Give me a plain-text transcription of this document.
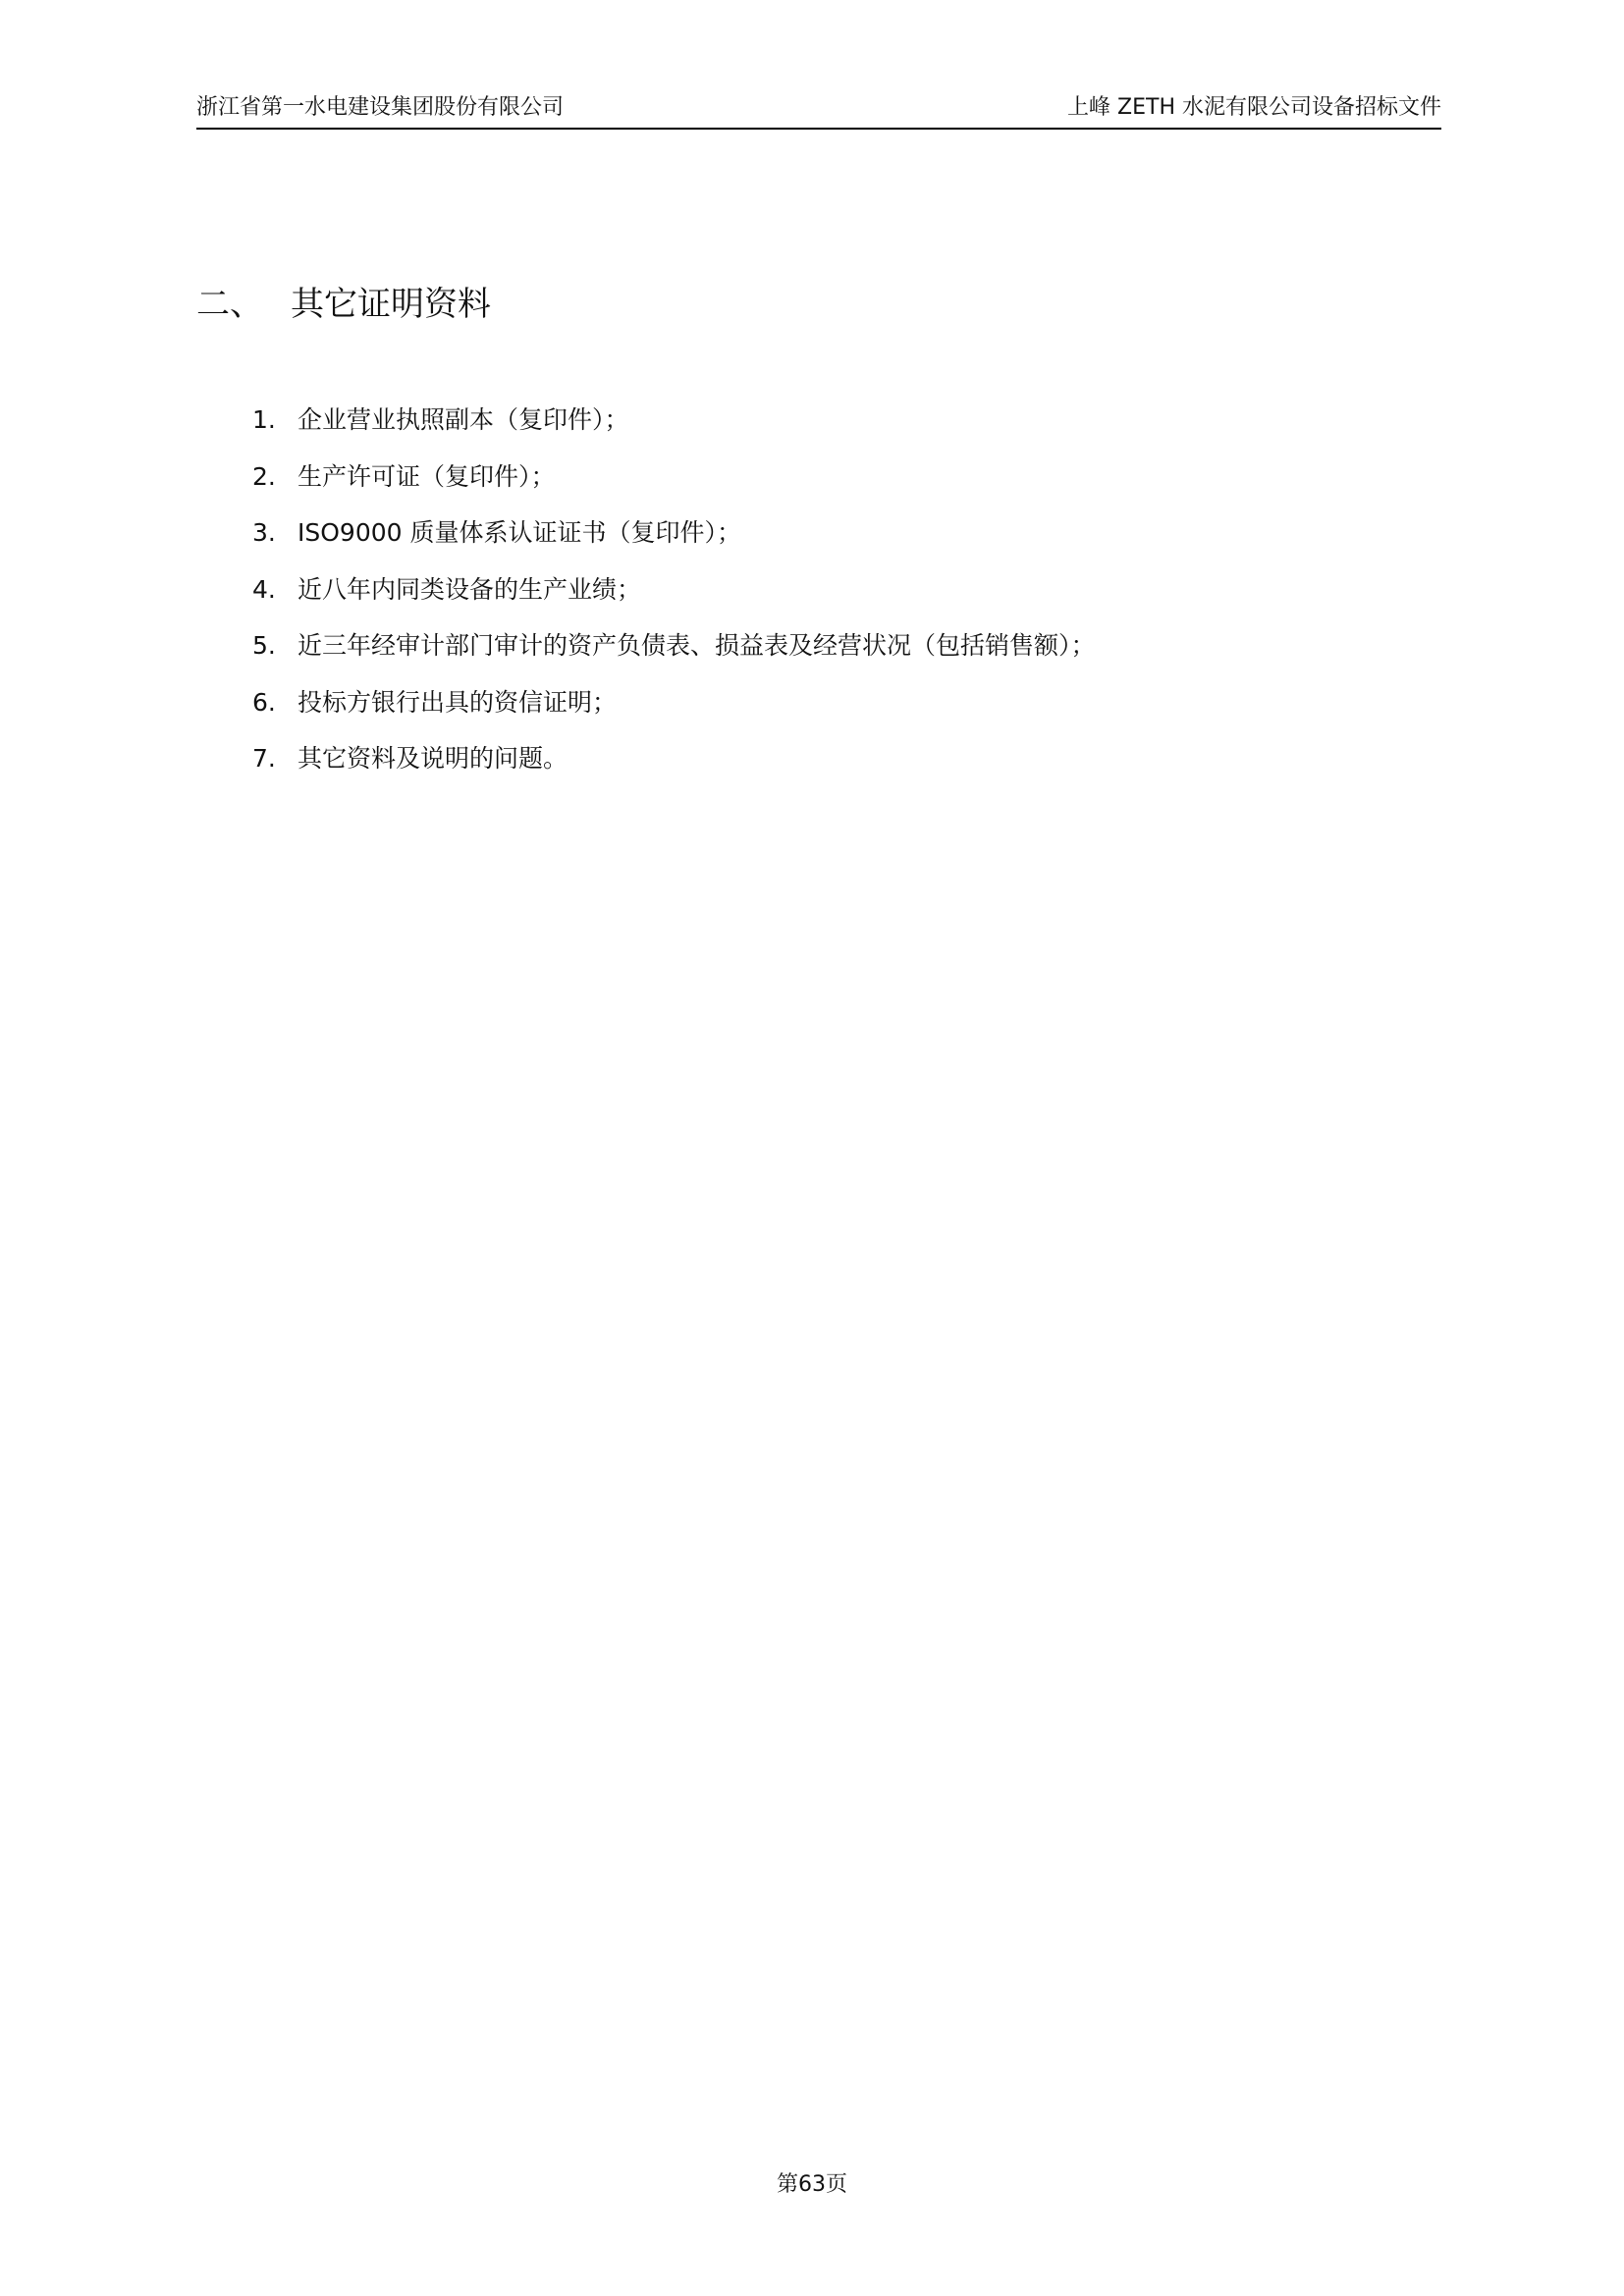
浙江省第一水电建设集团股份有限公司	上峰 ZETH 水泥有限公司设备招标文件
二、 其它证明资料
1. 企业营业执照副本（复印件）；
2. 生产许可证（复印件）；
3. ISO9000 质量体系认证证书（复印件）；
4. 近八年内同类设备的生产业绩；
5. 近三年经审计部门审计的资产负债表、损益表及经营状况（包括销售额）；
6. 投标方银行出具的资信证明；
7. 其它资料及说明的问题。
第63页
